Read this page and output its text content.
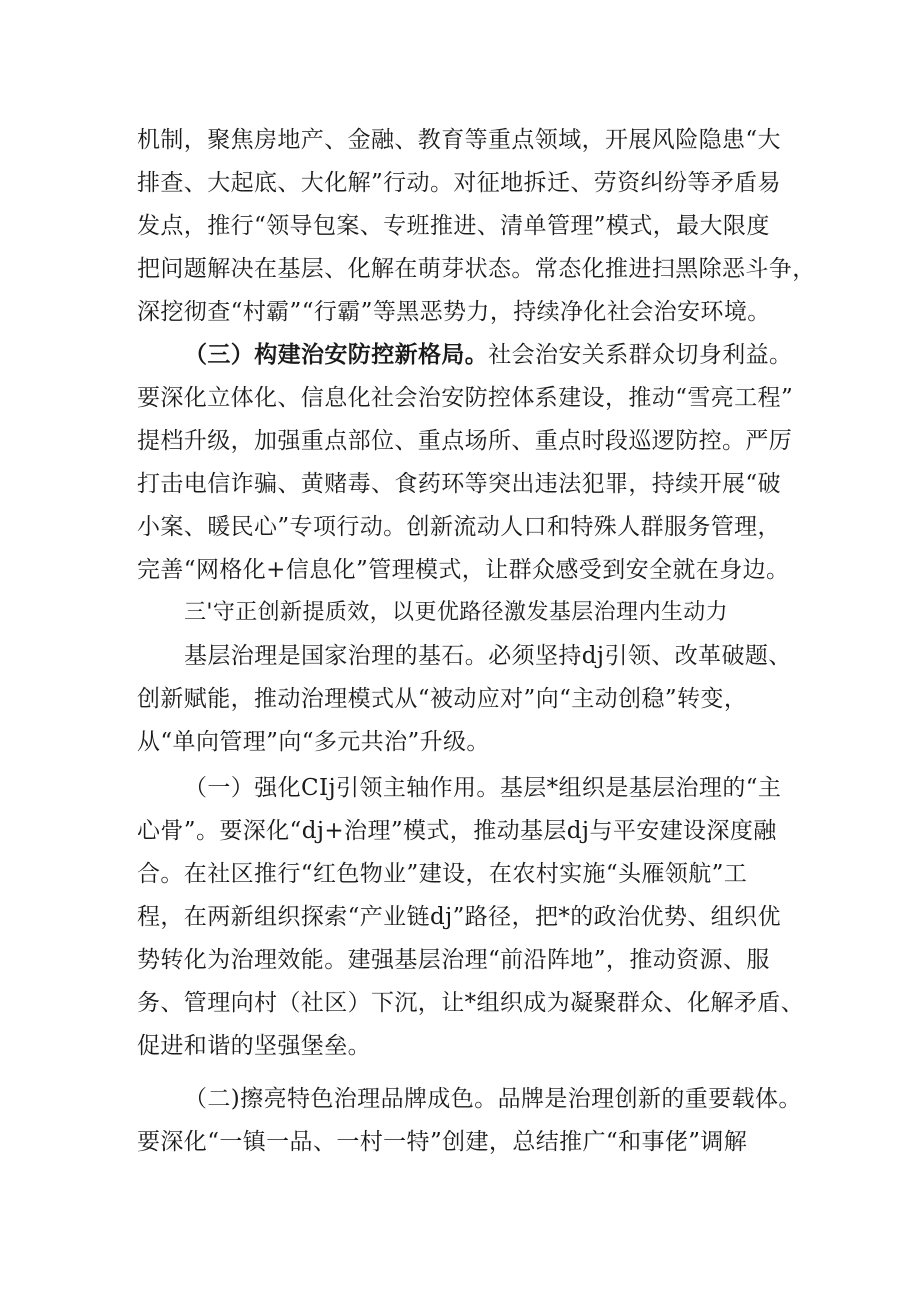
机制，聚焦房地产、金融、教育等重点领域，开展风险隐患“大
排查、大起底、大化解”行动。对征地拆迁、劳资纠纷等矛盾易
发点，推行“领导包案、专班推进、清单管理”模式，最大限度
把问题解决在基层、化解在萌芽状态。常态化推进扫黑除恶斗争，
深挖彻查“村霸”“行霸”等黑恶势力，持续净化社会治安环境。
（三）构建治安防控新格局。社会治安关系群众切身利益。
要深化立体化、信息化社会治安防控体系建设，推动“雪亮工程”
提档升级，加强重点部位、重点场所、重点时段巡逻防控。严厉
打击电信诈骗、黄赌毒、食药环等突出违法犯罪，持续开展“破
小案、暖民心”专项行动。创新流动人口和特殊人群服务管理，
完善“网格化+信息化”管理模式，让群众感受到安全就在身边。
三'守正创新提质效，以更优路径激发基层治理内生动力
基层治理是国家治理的基石。必须坚持dj引领、改革破题、
创新赋能，推动治理模式从“被动应对”向“主动创稳”转变，
从“单向管理”向“多元共治”升级。
（一）强化CIj引领主轴作用。基层*组织是基层治理的“主
心骨”。要深化“dj+治理”模式，推动基层dj与平安建设深度融
合。在社区推行“红色物业”建设，在农村实施“头雁领航”工
程，在两新组织探索“产业链dj”路径，把*的政治优势、组织优
势转化为治理效能。建强基层治理“前沿阵地”，推动资源、服
务、管理向村（社区）下沉，让*组织成为凝聚群众、化解矛盾、
促进和谐的坚强堡垒。
（二)擦亮特色治理品牌成色。品牌是治理创新的重要载体。
要深化“一镇一品、一村一特”创建，总结推广“和事佬”调解
